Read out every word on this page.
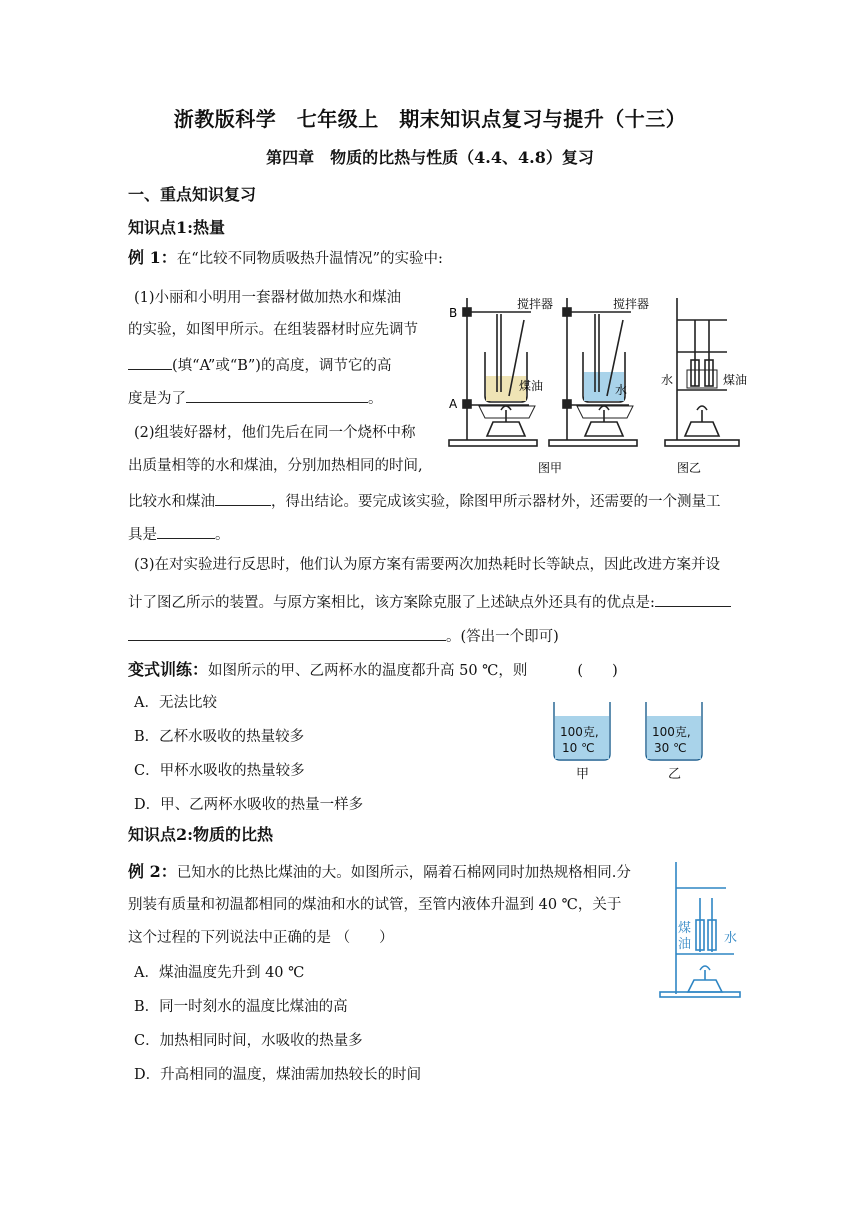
浙教版科学　七年级上　期末知识点复习与提升（十三）
第四章　物质的比热与性质（4.4、4.8）复习
一、重点知识复习
知识点1:热量
例 1：在“比较不同物质吸热升温情况”的实验中:
(1)小丽和小明用一套器材做加热水和煤油
的实验，如图甲所示。在组装器材时应先调节
(填“A”或“B”)的高度，调节它的高
度是为了	。
(2)组装好器材，他们先后在同一个烧杯中称
出质量相等的水和煤油，分别加热相同的时间,
比较水和煤油	，得出结论。要完成该实验，除图甲所示器材外，还需要的一个测量工
具是	。
(3)在对实验进行反思时，他们认为原方案有需要两次加热耗时长等缺点，因此改进方案并设
计了图乙所示的装置。与原方案相比，该方案除克服了上述缺点外还具有的优点是:
。(答出一个即可)
B
A
搅拌器	搅拌器
煤油	水
水	煤油
图甲	图乙
变式训练：如图所示的甲、乙两杯水的温度都升高 50 ℃，则	(　　)
A．无法比较
B．乙杯水吸收的热量较多
C．甲杯水吸收的热量较多
D．甲、乙两杯水吸收的热量一样多
100克,
10 ℃
100克,
30 ℃
甲	乙
知识点2:物质的比热
例 2：已知水的比热比煤油的大。如图所示，隔着石棉网同时加热规格相同.分
别装有质量和初温都相同的煤油和水的试管，至管内液体升温到 40 ℃，关于
这个过程的下列说法中正确的是 （　　）
A．煤油温度先升到 40 ℃
B．同一时刻水的温度比煤油的高
C．加热相同时间，水吸收的热量多
D．升高相同的温度，煤油需加热较长的时间
煤
油	水
